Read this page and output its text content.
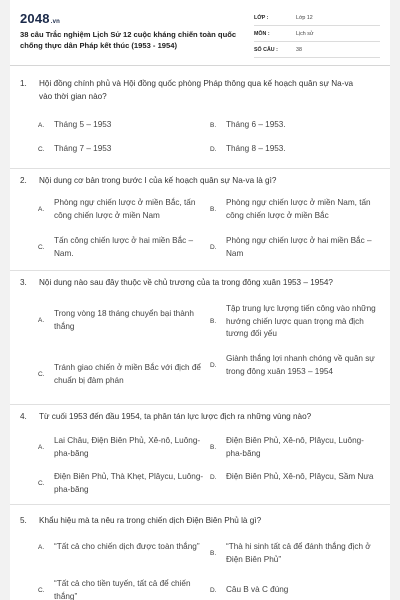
2048.vn
38 câu Trắc nghiệm Lịch Sử 12 cuộc kháng chiến toàn quốc chống thực dân Pháp kết thúc (1953 - 1954)
LỚP :	Lớp 12
MÔN :	Lịch sử
SỐ CÂU :	38
1.	Hội đồng chính phủ và Hội đồng quốc phòng Pháp thông qua kế hoạch quân sự Na-va vào thời gian nào?
A.	Tháng 5 – 1953	B.	Tháng 6 – 1953.
C.	Tháng 7 – 1953	D.	Tháng 8 – 1953.
2.	Nội dung cơ bản trong bước I của kế hoạch quân sự Na-va là gì?
A.
Phòng ngự chiến lược ở miền Bắc, tấn công chiến lược ở miền Nam
B.
Phòng ngự chiến lược ở miền Nam, tấn công chiến lược ở miền Bắc
C.
Tấn công chiến lược ở hai miền Bắc – Nam.
D.
Phòng ngự chiến lược ở hai miền Bắc – Nam
3.	Nội dung nào sau đây thuộc về chủ trương của ta trong đông xuân 1953 – 1954?
A.
Trong vòng 18 tháng chuyển bại thành thắng	B.
Tập trung lực lượng tiến công vào những hướng chiến lược quan trọng mà địch tương đối yếu
C.
Tránh giao chiến ở miền Bắc với địch để chuẩn bị đàm phán
D.
Giành thắng lợi nhanh chóng về quân sự trong đông xuân 1953 – 1954
4.	Từ cuối 1953 đến đầu 1954, ta phân tán lực lược địch ra những vùng nào?
A.
Lai Châu, Điện Biên Phủ, Xê-nô, Luông-pha-băng
B.
Điện Biên Phủ, Xê-nô, Plâycu, Luông-pha-băng
C.
Điện Biên Phủ, Thà Khẹt, Plâycu, Luông-pha-băng
D.	Điện Biên Phủ, Xê-nô, Plâycu, Sầm Nưa
5.	Khẩu hiệu mà ta nêu ra trong chiến dịch Điện Biên Phủ là gì?
A.	“Tất cả cho chiến dịch được toàn thắng”
B.
“Thà hi sinh tất cả để đánh thắng địch ở Điện Biên Phủ”
C.
“Tất cả cho tiền tuyến, tất cả để chiến thắng”
D.	Câu B và C đúng
